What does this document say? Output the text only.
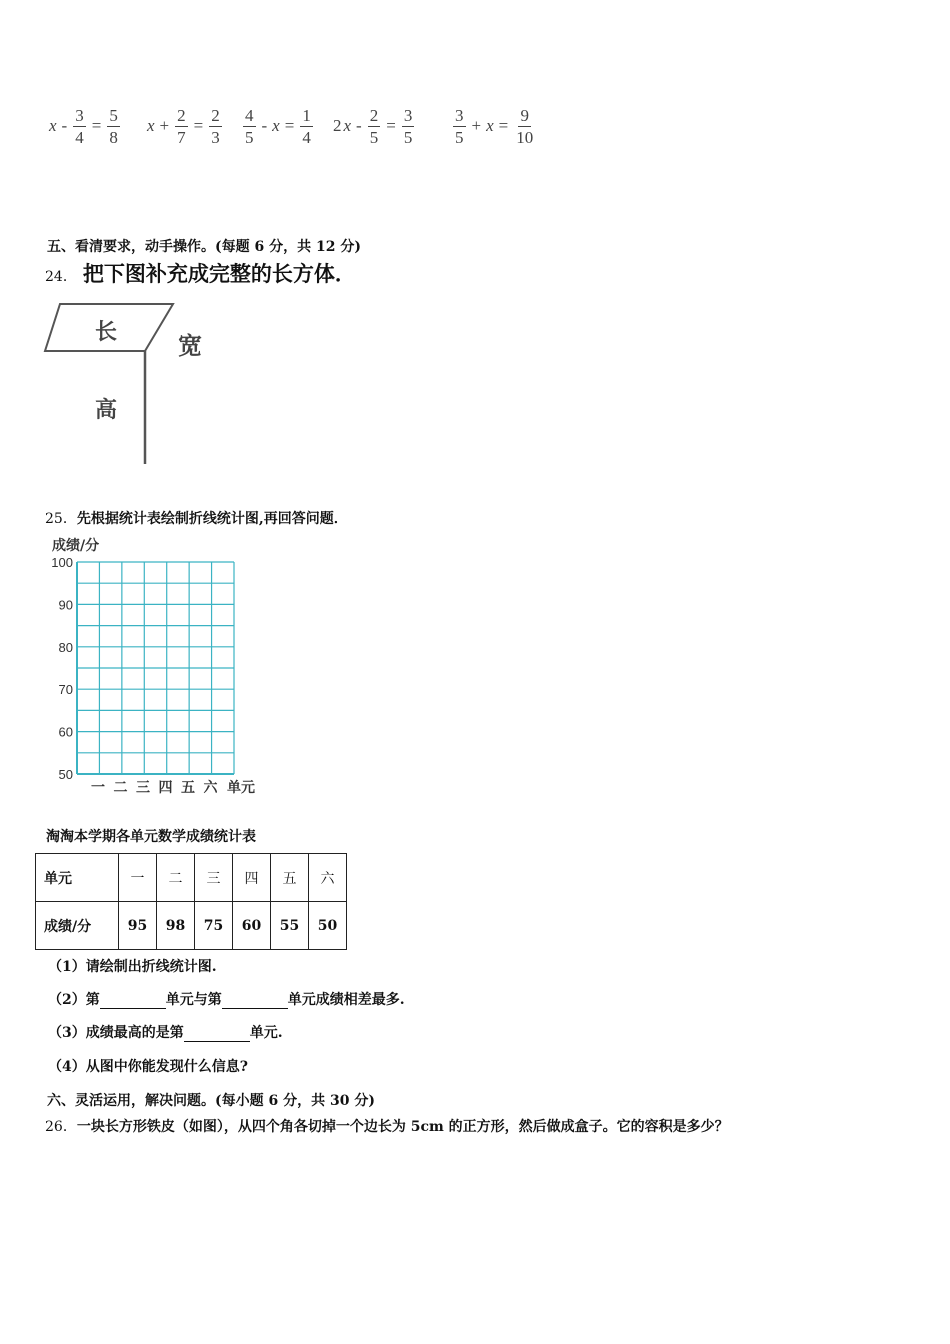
$x - \frac{3}{4} = \frac{5}{8}$ $x + \frac{2}{7} = \frac{2}{3} \frac{4}{5} - x = \frac{1}{4} 2$ $x - \frac{2}{5} = \frac{3}{5} \frac{3}{5} + x = \frac{9}{10}$
五、看清要求，动手操作。(每题 6 分，共 12 分)
24． 把下图补充成完整的长方体．
长	宽
高
25．先根据统计表绘制折线统计图,再回答问题．
50
60
70
80
90
100
成绩/分
一 二 三 四 五 六 单元
淘淘本学期各单元数学成绩统计表
单元	一	二	三	四	五	六
成绩/分	95	98	75	60	55	50
（1）请绘制出折线统计图.
（2）第	单元与第	单元成绩相差最多.
（3）成绩最高的是第	单元.
（4）从图中你能发现什么信息?
六、灵活运用，解决问题。(每小题 6 分，共 30 分)
26．一块长方形铁皮（如图），从四个角各切掉一个边长为 5cm 的正方形，然后做成盒子。它的容积是多少？
